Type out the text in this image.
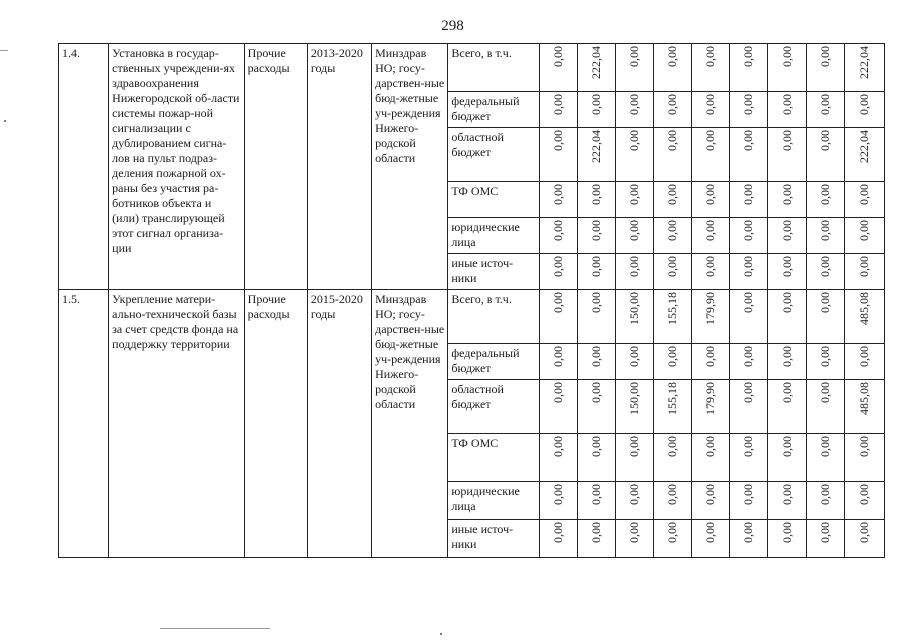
298
1.4.	Установка в государ-ственных учреждени-ях здравоохранения Нижегородской об-ласти системы пожар-ной сигнализации с дублированием сигна-лов на пульт подраз-деления пожарной ох-раны без участия ра-ботников объекта и (или) транслирующей этот сигнал организа-ции	Прочие расходы	2013-2020 годы	Минздрав НО; госу-дарствен-ные бюд-жетные уч-реждения Нижего-родской области	Всего, в т.ч.	0,00	222,04	0,00	0,00	0,00	0,00	0,00	0,00	222,04

					федеральный бюджет	0,00	0,00	0,00	0,00	0,00	0,00	0,00	0,00	0,00

					областной бюджет	0,00	222,04	0,00	0,00	0,00	0,00	0,00	0,00	222,04

					ТФ ОМС	0,00	0,00	0,00	0,00	0,00	0,00	0,00	0,00	0,00

					юридические лица	0,00	0,00	0,00	0,00	0,00	0,00	0,00	0,00	0,00

					иные источ-ники	0,00	0,00	0,00	0,00	0,00	0,00	0,00	0,00	0,00

1.5.	Укрепление матери-ально-технической базы за счет средств фонда на поддержку территории	Прочие расходы	2015-2020 годы	Минздрав НО; госу-дарствен-ные бюд-жетные уч-реждения Нижего-родской области	Всего, в т.ч.	0,00	0,00	150,00	155,18	179,90	0,00	0,00	0,00	485,08

					федеральный бюджет	0,00	0,00	0,00	0,00	0,00	0,00	0,00	0,00	0,00

					областной бюджет	0,00	0,00	150,00	155,18	179,90	0,00	0,00	0,00	485,08

					ТФ ОМС	0,00	0,00	0,00	0,00	0,00	0,00	0,00	0,00	0,00

					юридические лица	0,00	0,00	0,00	0,00	0,00	0,00	0,00	0,00	0,00

					иные источ-ники	0,00	0,00	0,00	0,00	0,00	0,00	0,00	0,00	0,00
